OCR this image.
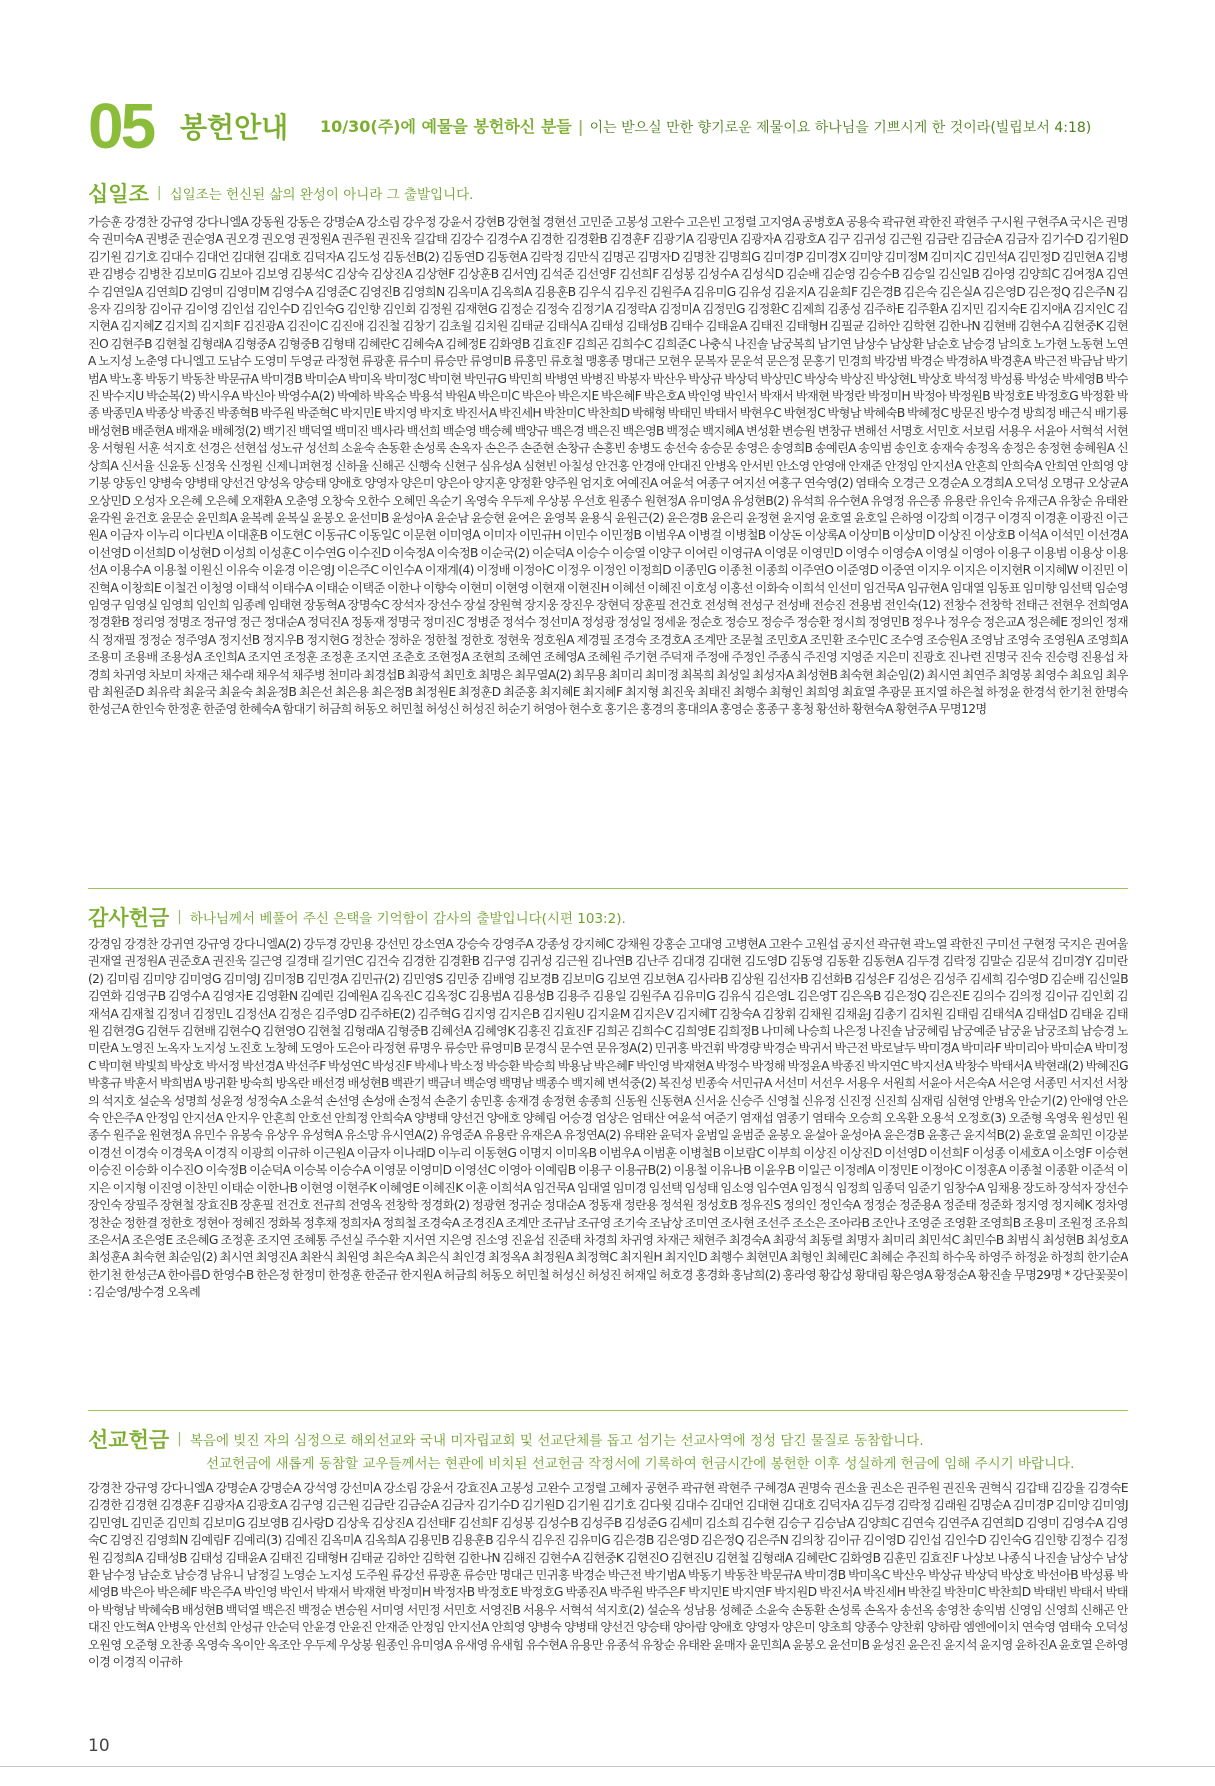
05 봉헌안내 10/30(주)에 예물을 봉헌하신 분들 | 이는 받으실 만한 향기로운 제물이요 하나님을 기쁘시게 한 것이라(빌립보서 4:18)
십일조 | 십일조는 헌신된 삶의 완성이 아니라 그 출발입니다.
가승훈 강경찬 강규영 강다니엘A 강동원 강동은 강명순A 강소림 강우정 강윤서 강현B 강현철 경현선 고민준 고봉성 고완수 고은빈 고정렬 고지영A 공병호A 공용숙 곽규현 곽한진 곽현주 구시원 구현주A 국시은 권명숙 권미숙A 권병준 권순영A 권오경 권오영 권정원A 권주원 권진욱 길갑태 김강수 김경수A 김경한 김경환B 김경훈F 김광기A 김광민A 김광자A 김광호A 김구 김귀성 김근원 김금란 김금순A 김금자 김기수D 김기원D 김기원 김기호 김대수 김대언 김대현 김대호 김덕자A 김도성 김동선B(2) 김동연D 김동현A 김락정 김만식 김명곤 김명자D 김명찬 김명희G 김미경P 김미경X 김미양 김미정M 김미지C 김민석A 김민정D 김민현A 김병관 김병승 김병찬 김보미G 김보아 김보영 김봉석C 김상숙 김상진A 김상현F 김상훈B 김서연J 김석준 김선영F 김선희F 김성봉 김성수A 김성식D 김순배 김순영 김승수B 김승일 김신일B 김아영 김양희C 김여정A 김연수 김연일A 김연희D 김영미 김영미M 김영수A 김영준C 김영진B 김영희N 김옥미A 김옥희A 김용훈B 김우식 김우진 김원주A 김유미G 김유성 김윤지A 김윤희F 김은경B 김은숙 김은실A 김은영D 김은정Q 김은주N 김응자 김의창 김이규 김이영 김인섭 김인수D 김인숙G 김인향 김인회 김정원 김재현G 김정순 김정숙 김정기A 김정락A 김정미A 김정민G 김정환C 김제희 김종성 김주하E 김주환A 김지민 김지숙E 김지애A 김지인C 김지현A 김지혜Z 김지희 김지희F 김진광A 김진이C 김진애 김진철 김창기 김초월 김치원 김태균 김태식A 김태성 김태성B 김태수 김태윤A 김태진 김태형H 김필균 김하안 김학현 김한나N 김현배 김현수A 김현중K 김현진O 김현주B 김현철 김형래A 김형중A 김형중B 김형태 김혜란C 김혜숙A 김혜정E 김화영B 김효진F 김희곤 김희수C 김희준C 나충식 나진솔 남궁복희 남기연 남상수 남상환 남순호 남승경 남의호 노가현 노동현 노연A 노지성 노춘영 다니엘고 도남수 도영미 두영균 라정현 류광훈 류수미 류승만 류영미B 류홍민 류호철 맹홍종 명대근 모현우 문복자 문운석 문은정 문홍기 민경희 박강범 박경순 박경하A 박경훈A 박근전 박금남 박기범A 박노홍 박동기 박동찬 박문규A 박미경B 박미순A 박미옥 박미정C 박미현 박민규G 박민희 박병연 박병진 박봉자 박산우 박상규 박상덕 박상민C 박상숙 박상진 박상현L 박상호 박석정 박성룡 박성순 박세영B 박수진 박수지U 박순복(2) 박시우A 박신아 박영수A(2) 박예하 박옥순 박용석 박원A 박은미C 박은아 박은지E 박은혜F 박은호A 박인영 박인서 박재서 박재현 박정란 박정미H 박정아 박정원B 박정호E 박정호G 박정환 박종 박종민A 박종상 박종진 박종혁B 박주원 박준혁C 박지민E 박지영 박지호 박진서A 박진세H 박찬미C 박찬희D 박해형 박태민 박태서 박현우C 박현정C 박형남 박혜숙B 박혜정C 방문진 방수경 방희정 배근식 배기룡 배성현B 배준현A 배재윤 배혜정(2) 백기진 백덕열 백미진 백사라 백선희 백순영 백승혜 백양규 백은경 백은진 백은영B 백정순 백지혜A 변성환 변승원 변창규 변해선 서명호 서민호 서보림 서용우 서윤아 서혁석 서현웅 서형원 서훈 석지호 선경은 선현섭 성노규 성선희 소윤숙 손동환 손성록 손옥자 손은주 손준현 손창규 손홍빈 송병도 송선숙 송승문 송영은 송영희B 송예린A 송익범 송인호 송재숙 송정옥 송정은 송정현 송혜원A 신상희A 신서율 신윤동 신정욱 신정원 신제니퍼현정 신하율 신해곤 신행숙 신현구 심유성A 심현빈 아칠성 안건홍 안경애 안대진 안병옥 안서빈 안소영 안영애 안재준 안정임 안지선A 안혼희 안희숙A 안희연 안희영 양기봉 양동인 양병숙 양병태 양선건 양성옥 양승태 양애호 양영자 양은미 양은아 양지훈 양정환 양주원 엄지호 여예진A 여윤석 여종구 여지선 여홍구 연숙영(2) 염태숙 오경근 오경순A 오경희A 오덕성 오명규 오상균A 오상민D 오성자 오은혜 오은혜 오재환A 오춘영 오창숙 오한수 오혜민 옥순기 옥영숙 우두제 우상봉 우선호 원종수 원현정A 유미영A 유성현B(2) 유석희 유수현A 유영정 유은종 유용란 유인숙 유재근A 유창순 유태완 윤각원 윤건호 윤문순 윤민희A 윤복례 윤복실 윤봉오 윤선미B 윤성아A 윤순남 윤승현 윤여은 윤영복 윤용식 윤원근(2) 윤은경B 윤은리 윤정현 윤지영 윤호열 윤호일 은하영 이강희 이경구 이경직 이경훈 이광진 이근원A 이금자 이누리 이다빈A 이대훈B 이도현C 이동규C 이동일C 이문현 이미영A 이미자 이민규H 이민수 이민정B 이범우A 이병걸 이병철B 이상돈 이상록A 이상미B 이상미D 이상진 이상호B 이석A 이석민 이선경A 이선영D 이선희D 이성현D 이성희 이성훈C 이수연G 이수진D 이숙정A 이숙정B 이순국(2) 이순덕A 이승수 이승열 이양구 이여린 이영규A 이영문 이영민D 이영수 이영승A 이영실 이영아 이용구 이용범 이용상 이용선A 이용수A 이용철 이원신 이유숙 이윤경 이은영J 이은주C 이인수A 이재계(4) 이정배 이정아C 이정우 이정인 이정희D 이종민G 이종천 이종희 이주연O 이준영D 이중연 이지우 이지은 이지현R 이지혜W 이진민 이진혁A 이창희E 이철건 이청영 이태석 이태수A 이태순 이택준 이한나 이향숙 이현미 이현영 이현재 이현진H 이혜선 이혜진 이호성 이홍선 이화숙 이희석 인선미 임건묵A 임규현A 임대열 임동표 임미향 임선택 임순영 임영구 임영실 임영희 임인희 임종례 임태현 장동혁A 장명숙C 장석자 장선수 장설 장원혁 장지웅 장진우 장현덕 장훈필 전건호 전성혁 전성구 전성배 전승진 전용범 전인숙(12) 전창수 전창학 전태근 전현우 전희영A 정경환B 정리영 정명조 정규영 정근 정대순A 정덕진A 정동재 정명국 정미진C 정병준 정석수 정선미A 정성광 정성일 정세윤 정순호 정승모 정승주 정승환 정시희 정영민B 정우나 정우승 정은교A 정은혜E 정의인 정재식 정재필 정정순 정주영A 정지선B 정지우B 정지현G 정찬순 정하운 정한철 정한호 정현욱 정호원A 제경필 조경숙 조경호A 조계만 조문철 조민호A 조민환 조수민C 조수영 조승원A 조영남 조영숙 조영원A 조영희A 조용미 조용배 조용성A 조인희A 조지연 조정훈 조정훈 조지연 조춘호 조현정A 조현희 조혜연 조혜영A 조혜원 주기현 주덕재 주정애 주정인 주종식 주진영 지영준 지은미 진광호 진나련 진명국 진숙 진승령 진용섭 차경희 차귀영 차보미 차재근 채수래 채우석 채주병 천미라 최경섭B 최광석 최민호 최명은 최무열A(2) 최무용 최미리 최미정 최복희 최성일 최성자A 최성현B 최숙현 최순임(2) 최시연 최연주 최영봉 최영수 최요임 최우람 최원준D 최유락 최윤국 최윤숙 최윤정B 최은선 최은용 최은정B 최정원E 최정훈D 최준홍 최지혜E 최지혜F 최지형 최진욱 최태진 최행수 최형인 최희영 최효열 추광문 표지열 하은철 하정윤 한경석 한기천 한명숙 한성근A 한인숙 한정훈 한준영 한혜숙A 함대기 허금희 허동오 허민철 허성신 허성진 허순기 허영아 현수호 홍기은 홍경의 홍대의A 홍영순 홍종구 홍청 황선하 황현숙A 황현주A 무명12명
감사헌금 | 하나님께서 베풀어 주신 은택을 기억함이 감사의 출발입니다(시편 103:2).
강경임 강경찬 강귀연 강규영 강다니엘A(2) 강두경 강민용 강선민 강소연A 강승숙 강영주A 강종성 강지혜C 강채원 강홍순 고대영 고병현A 고완수 고원섭 공지선 곽규현 곽노열 곽한진 구미선 구현정 국지은 권여울 권재열 권정원A 권준호A 권진욱 길근영 길경태 길기연C 김건숙 김경한 김경환B 김구영 김귀성 김근원 김나연B 김난주 김대경 김대현 김도영D 김동영 김동환 김동현A 김두경 김락정 김말순 김문석 김미경Y 김미란(2) 김미림 김미양 김미영G 김미영J 김미정B 김민경A 김민규(2) 김민영S 김민중 김배영 김보경B 김보미G 김보연 김보현A 김사라B 김상원 김선자B 김선화B 김성은F 김성은 김성주 김세희 김수영D 김순배 김신일B 김연화 김영구B 김영수A 김영자E 김영환N 김예린 김예원A 김옥진C 김옥정C 김용범A 김용성B 김용주 김용일 김원주A 김유미G 김유식 김은영L 김은영T 김은옥B 김은정Q 김은진E 김의수 김의정 김이규 김인회 김재석A 김재철 김정녀 김정민L 김정선A 김정은 김주영D 김주하E(2) 김주혁G 김지영 김지은B 김지원U 김지윤M 김지은V 김지혜T 김창숙A 김창휘 김채원 김채윤J 김총기 김치원 김태림 김태석A 김태섭D 김태윤 김태원 김현경G 김현두 김현배 김현수Q 김현영O 김현철 김형래A 김형중B 김혜선A 김혜영K 김홍진 김효진F 김희곤 김희수C 김희영E 김희정B 나미혜 나승희 나은정 나진솔 남궁혜림 남궁예준 남궁윤 남궁조희 남승경 노미란A 노영진 노옥자 노지성 노진호 노창혜 도영아 도은아 라정현 류명우 류승만 류영미B 문경식 문수연 문유정A(2) 민귀홍 박건휘 박경량 박경순 박귀서 박근전 박로날두 박미경A 박미라F 박미리아 박미순A 박미정C 박미현 박빛희 박상호 박서정 박선경A 박선주F 박성연C 박성진F 박세나 박소정 박승환 박승희 박용남 박은혜F 박인영 박재현A 박정수 박정해 박정윤A 박종진 박지연C 박지선A 박창수 박태서A 박현래(2) 박혜진G 박홍규 박훈서 박희범A 방귀환 방숙희 방옥란 배선경 배성현B 백관기 백금녀 백순영 백명남 백종수 백지혜 변석중(2) 복진성 빈종숙 서민규A 서선미 서선우 서용우 서원희 서윤아 서은숙A 서은영 서종민 서지선 서창의 석지호 설순옥 성명희 성윤정 성정숙A 소윤석 손선영 손성애 손정석 손춘기 송민홍 송재경 송정현 송종희 신동원 신동현A 신서윤 신승주 신영철 신유정 신진정 신진희 심재림 심현영 안병옥 안순기(2) 안애영 안은숙 안은주A 안정임 안지선A 안지우 안혼희 안호선 안희정 안희숙A 양병태 양선건 양애호 양혜림 어승경 엄상은 엄태산 여윤석 여준기 염재섭 염종기 염태숙 오승희 오옥환 오용석 오정호(3) 오준형 옥영욱 원성민 원종수 원주윤 원현정A 유민수 유봉숙 유상우 유성혁A 유소망 유시연A(2) 유영준A 유용란 유재은A 유정연A(2) 유태완 윤덕자 윤범일 윤범준 윤봉오 윤설아 윤성아A 윤은경B 윤홍근 윤지석B(2) 윤호열 윤희민 이강분 이경선 이경숙 이경욱A 이경직 이광희 이규하 이근원A 이금자 이나래D 이누리 이동현G 이명지 이미옥B 이범우A 이범훈 이병철B 이보람C 이부희 이상진 이상진D 이선영D 이선희F 이성종 이세호A 이소영F 이승현 이승진 이승화 이수진O 이숙정B 이순덕A 이승복 이승수A 이영문 이영미D 이영선C 이영아 이예림B 이용구 이용규B(2) 이용철 이유나B 이윤우B 이일근 이정례A 이정민E 이정아C 이정훈A 이종철 이종환 이준석 이지은 이지형 이진영 이찬민 이태순 이한나B 이현영 이현주K 이혜영E 이혜진K 이훈 이희석A 임건묵A 임대열 임미경 임선택 임성태 임소영 임수연A 임정식 임정희 임종덕 임준기 임창수A 임채용 장도하 장석자 장선수 장인숙 장필주 장현철 장효진B 장훈필 전건호 전규희 전영옥 전창학 정경화(2) 정광현 정귀순 정대순A 정동재 정란용 정석원 정성호B 정유진S 정의인 정인숙A 정정순 정준용A 정준태 정준화 정지영 정지혜K 정차영 정찬순 정한결 정한호 정현아 정혜진 정화복 정후채 정희자A 정희철 조경숙A 조경진A 조계만 조규남 조규영 조기숙 조남상 조미연 조사현 조선주 조소은 조아라B 조안나 조영준 조영환 조영희B 조용미 조원정 조유희 조은서A 조은영E 조은혜G 조정훈 조지연 조혜통 주선실 주수환 지서연 지은영 진소영 진윤섭 진준태 차경희 차귀영 차재근 채현주 최경숙A 최광석 최동렬 최명자 최미리 최민석C 최민수B 최범식 최성현B 최성호A 최성훈A 최숙현 최순임(2) 최시연 최영진A 최완식 최원영 최은숙A 최은식 최인경 최정옥A 최정원A 최정혁C 최지원H 최지인D 최행수 최현민A 최형인 최혜린C 최혜순 추진희 하수욱 하영주 하정윤 하정희 한기순A 한기천 한성근A 한아름D 한영수B 한은정 한정미 한정훈 한준규 한지원A 허금희 허동오 허민철 허성신 허성진 허재일 허호경 홍경화 홍남희(2) 홍라영 황갑성 황대림 황은영A 황정순A 황진솔 무명29명 * 강단꽃꽂이 : 김순영/방수경 오옥례
선교헌금 | 복음에 빚진 자의 심정으로 해외선교와 국내 미자립교회 및 선교단체를 돕고 섬기는 선교사역에 정성 담긴 물질로 동참합니다.
선교헌금에 새롭게 동참할 교우들께서는 현관에 비치된 선교헌금 작정서에 기록하여 헌금시간에 봉헌한 이후 성실하게 헌금에 임해 주시기 바랍니다.
강경찬 강규영 강다니엘A 강명순A 강명순A 강석영 강선미A 강소림 강윤서 강효진A 고봉성 고완수 고정렬 고혜자 공현주 곽규현 곽현주 구혜경A 권명숙 권소율 권소은 권주원 권진욱 권혁식 김갑태 김강율 김경숙E 김경한 김경현 김경훈F 김광자A 김광호A 김구영 김근원 김금란 김금순A 김금자 김기수D 김기원D 김기원 김기호 김다윗 김대수 김대언 김대현 김대호 김덕자A 김두경 김락정 김래원 김명순A 김미경P 김미양 김미영J 김민영L 김민준 김민희 김보미G 김보영B 김사랑D 김상욱 김상진A 김선태F 김선희F 김성봉 김성수B 김성주B 김성준G 김세미 김소희 김수현 김승구 김승남A 김양희C 김연숙 김연주A 김연희D 김영미 김영수A 김영숙C 김영진 김영희N 김예림F 김예리(3) 김예진 김옥미A 김옥희A 김용민B 김용훈B 김우식 김우진 김유미G 김은경B 김은영D 김은정Q 김은주N 김의창 김이규 김이영D 김인섭 김인수D 김인숙G 김인향 김정수 김정원 김정희A 김태성B 김태성 김태윤A 김태진 김태형H 김태균 김하안 김학현 김한나N 김해진 김현수A 김현중K 김현진O 김현진U 김현철 김형래A 김혜란C 김화영B 김훈민 김효진F 나상보 나종식 나진솔 남상수 남상환 남수정 남순호 남승경 남유니 남정길 노영순 노지성 도주원 류강선 류광훈 류승만 명대근 민귀홍 박경순 박근전 박기범A 박동기 박동찬 박문규A 박미경B 박미옥C 박산우 박상규 박상덕 박상호 박선아B 박성룡 박세영B 박은아 박은혜F 박은주A 박인영 박인서 박재서 박재현 박정미H 박정자B 박정호E 박정호G 박종진A 박주원 박주은F 박지민E 박지연F 박지원D 박진서A 박진세H 박찬길 박찬미C 박찬희D 박태빈 박태서 박태아 박형남 박혜숙B 배성현B 백덕열 백은진 백정순 변승원 서미영 서민정 서민호 서영진B 서용우 서혁석 석지호(2) 설순옥 성남용 성혜준 소윤숙 손동환 손성록 손옥자 송선옥 송영찬 송익범 신영임 신영희 신해곤 안대진 안도혁A 안병옥 안선희 안성규 안순덕 안윤경 안윤진 안재준 안정임 안지선A 안희영 양병숙 양병태 양선건 양승태 양아람 양애호 양영자 양은미 양초희 양종수 양찬휘 양하람 엠엔에이치 연숙영 염태숙 오덕성 오원영 오준형 오찬종 옥영숙 옥이안 옥조안 우두제 우상봉 원종인 유미영A 유새영 유새힘 유수현A 유용만 유종석 유창순 유태완 윤매자 윤민희A 윤봉오 윤선미B 윤성진 윤은진 윤지석 윤지영 윤하진A 윤호열 은하영 이경 이경직 이규하
10
